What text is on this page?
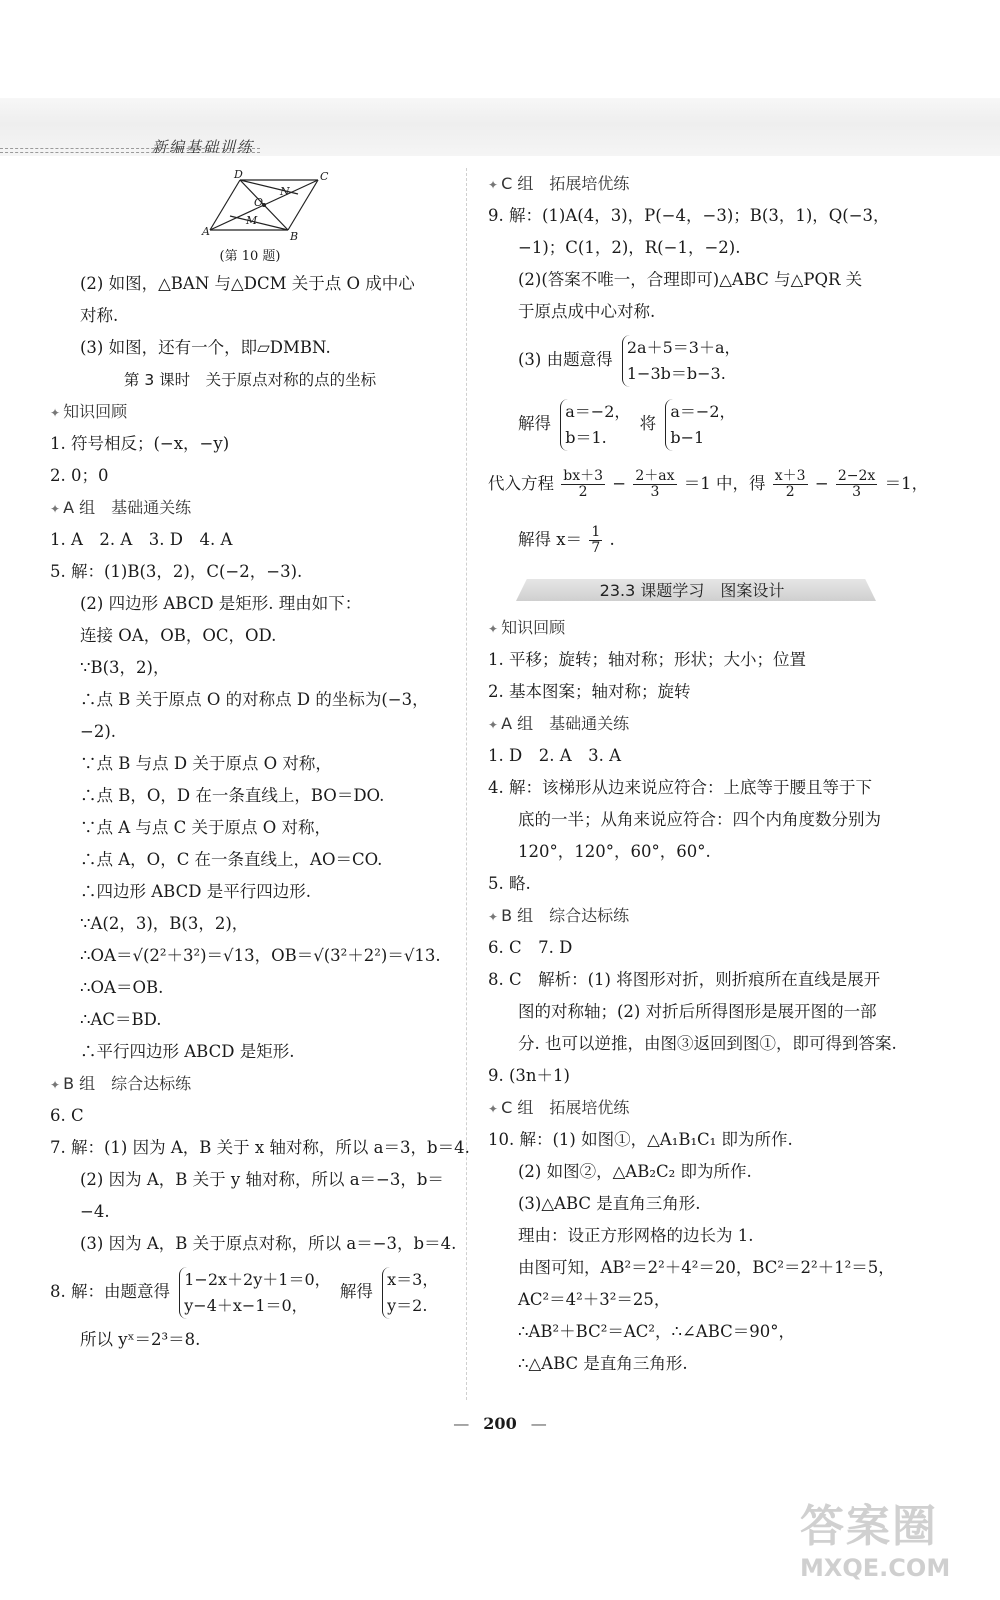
新编基础训练
A	B
C
D
N
O
M
(第 10 题)
(2) 如图，△BAN 与△DCM 关于点 O 成中心
对称.
(3) 如图，还有一个，即▱DMBN.
第 3 课时　关于原点对称的点的坐标
✦ 知识回顾
1. 符号相反；(−x，−y)
2. 0；0
✦ A 组　基础通关练
1. A　2. A　3. D　4. A
5. 解：(1)B(3，2)，C(−2，−3).
(2) 四边形 ABCD 是矩形. 理由如下：
连接 OA，OB，OC，OD.
∵B(3，2)，
∴点 B 关于原点 O 的对称点 D 的坐标为(−3，
−2).
∵点 B 与点 D 关于原点 O 对称，
∴点 B，O，D 在一条直线上，BO＝DO.
∵点 A 与点 C 关于原点 O 对称，
∴点 A，O，C 在一条直线上，AO＝CO.
∴四边形 ABCD 是平行四边形.
∵A(2，3)，B(3，2)，
∴OA＝√(2²＋3²)＝√13，OB＝√(3²＋2²)＝√13.
∴OA＝OB.
∴AC＝BD.
∴平行四边形 ABCD 是矩形.
✦ B 组　综合达标练
6. C
7. 解：(1) 因为 A，B 关于 x 轴对称，所以 a＝3，b＝4.
(2) 因为 A，B 关于 y 轴对称，所以 a＝−3，b＝
−4.
(3) 因为 A，B 关于原点对称，所以 a＝−3，b＝4.
8. 解：由题意得
1−2x＋2y＋1＝0，
y−4＋x−1＝0，
解得
x＝3，
y＝2.
所以 yˣ＝2³＝8.
✦ C 组　拓展培优练
9. 解：(1)A(4，3)，P(−4，−3)；B(3，1)，Q(−3，
−1)；C(1，2)，R(−1，−2).
(2)(答案不唯一，合理即可)△ABC 与△PQR 关
于原点成中心对称.
(3) 由题意得
2a＋5＝3＋a，
1−3b＝b−3.
解得
a＝−2，
b＝1.
将
a＝−2，
b−1
代入方程 $\frac{bx+3}{2} - \frac{2+ax}{3} =1$ 中，得 $\frac{x+3}{2} - \frac{2-2x}{3} =1$，
解得 $x= \frac{1}{7}$ .
23.3 课题学习　图案设计
✦ 知识回顾
1. 平移；旋转；轴对称；形状；大小；位置
2. 基本图案；轴对称；旋转
✦ A 组　基础通关练
1. D　2. A　3. A
4. 解：该梯形从边来说应符合：上底等于腰且等于下
底的一半；从角来说应符合：四个内角度数分别为
120°，120°，60°，60°.
5. 略.
✦ B 组　综合达标练
6. C　7. D
8. C　解析：(1) 将图形对折，则折痕所在直线是展开
图的对称轴；(2) 对折后所得图形是展开图的一部
分. 也可以逆推，由图③返回到图①，即可得到答案.
9. (3n＋1)
✦ C 组　拓展培优练
10. 解：(1) 如图①，△A₁B₁C₁ 即为所作.
(2) 如图②，△AB₂C₂ 即为所作.
(3)△ABC 是直角三角形.
理由：设正方形网格的边长为 1.
由图可知，AB²＝2²＋4²＝20，BC²＝2²＋1²＝5，
AC²＝4²＋3²＝25，
∴AB²＋BC²＝AC²，∴∠ABC＝90°，
∴△ABC 是直角三角形.
— 200 —
答案圈
MXQE.COM
